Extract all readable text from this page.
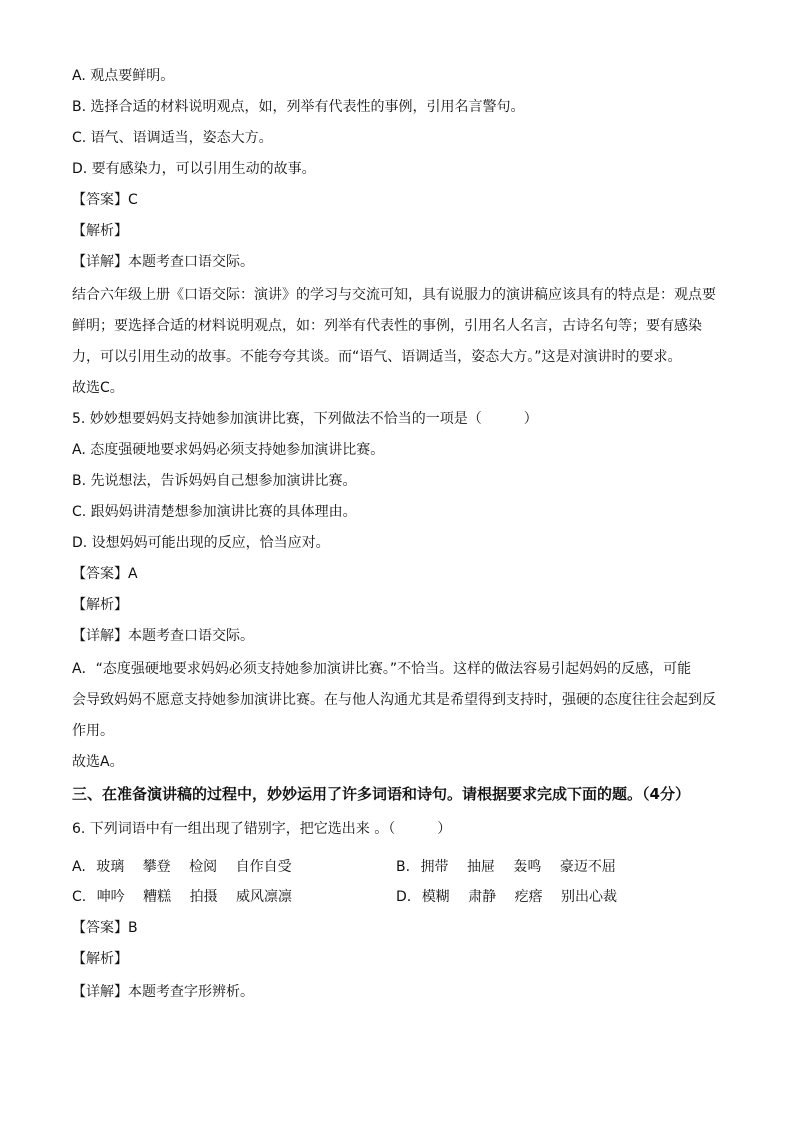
A. 观点要鲜明。
B. 选择合适的材料说明观点，如，列举有代表性的事例，引用名言警句。
C. 语气、语调适当，姿态大方。
D. 要有感染力，可以引用生动的故事。
【答案】C
【解析】
【详解】本题考查口语交际。
结合六年级上册《口语交际：演讲》的学习与交流可知，具有说服力的演讲稿应该具有的特点是：观点要
鲜明；要选择合适的材料说明观点，如：列举有代表性的事例，引用名人名言，古诗名句等；要有感染
力，可以引用生动的故事。不能夸夸其谈。而“语气、语调适当，姿态大方。”这是对演讲时的要求。
故选C。
5. 妙妙想要妈妈支持她参加演讲比赛，下列做法不恰当的一项是（　　　）
A. 态度强硬地要求妈妈必须支持她参加演讲比赛。
B. 先说想法，告诉妈妈自己想参加演讲比赛。
C. 跟妈妈讲清楚想参加演讲比赛的具体理由。
D. 设想妈妈可能出现的反应，恰当应对。
【答案】A
【解析】
【详解】本题考查口语交际。
A．“态度强硬地要求妈妈必须支持她参加演讲比赛。”不恰当。这样的做法容易引起妈妈的反感，可能
会导致妈妈不愿意支持她参加演讲比赛。在与他人沟通尤其是希望得到支持时，强硬的态度往往会起到反
作用。
故选A。
三、在准备演讲稿的过程中，妙妙运用了许多词语和诗句。请根据要求完成下面的题。（4分）
6. 下列词语中有一组出现了错别字，把它选出来 。（　　　）
A. 玻璃 攀登 检阅 自作自受	B. 拥带 抽屉 轰鸣 豪迈不屈
C. 呻吟 糟糕 拍摄 威风凛凛	D. 模糊 肃静 疙瘩 别出心裁
【答案】B
【解析】
【详解】本题考查字形辨析。
